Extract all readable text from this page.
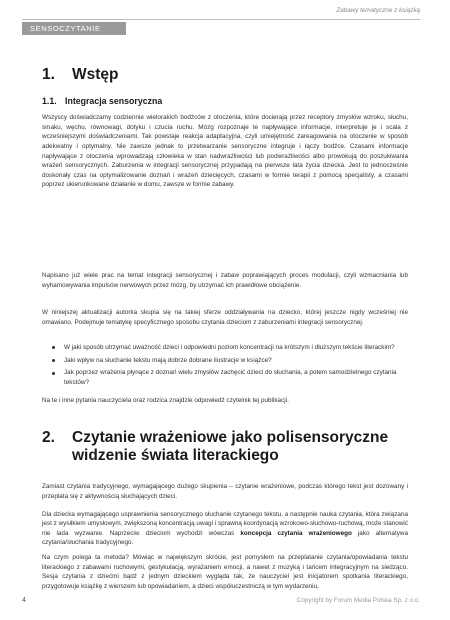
Zabawy tematyczne z książką
SENSOCZYTANIE
1. Wstęp
1.1. Integracja sensoryczna

Wszyscy doświadczamy codziennie wielorakich bodźców z otoczenia, które docierają przez receptory zmysłów wzroku, słuchu, smaku, węchu, równowagi, dotyku i czucia ruchu. Mózg rozpoznaje te napływające informacje, interpretuje je i scala z wcześniejszymi doświadczeniami. Tak powstaje reakcja adaptacyjna, czyli umiejętność zareagowania na otoczenie w sposób adekwatny i optymalny. Nie zawsze jednak to przetwarzanie sensoryczne integruje i łączy bodźce. Czasami informacje napływające z otoczenia wprowadzają człowieka w stan nadwrażliwości lub podwrażliwości albo prowokują do poszukiwania wrażeń sensorycznych. Zaburzenia w integracji sensorycznej przypadają na pierwsze lata życia dziecka. Jest to jednocześnie doskonały czas na optymalizowanie doznań i wrażeń dziecięcych, czasami w formie terapii z pomocą specjalisty, a czasami poprzez ukierunkowane działanie w domu, zawsze w formie zabawy.

Napisano już wiele prac na temat integracji sensorycznej i zabaw poprawiających proces modulacji, czyli wzmacniania lub wyhamowywania impulsów nerwowych przez mózg, by utrzymać ich prawidłowe obciążenie.

W niniejszej aktualizacji autorka skupia się na takiej sferze oddziaływania na dziecko, której jeszcze nigdy wcześniej nie omawiano. Podejmuje tematykę specyficznego sposobu czytania dzieciom z zaburzeniami integracji sensorycznej.

W jaki sposób utrzymać uważność dzieci i odpowiedni poziom koncentracji na krótszym i dłuższym tekście literackim?
Jaki wpływ na słuchanie tekstu mają dobrze dobrane ilustracje w książce?
Jak poprzez wrażenia płynące z doznań wielu zmysłów zachęcić dzieci do słuchania, a potem samodzielnego czytania tekstów?

Na te i inne pytania nauczyciela oraz rodzica znajdzie odpowiedź czytelnik tej publikacji.

2. Czytanie wrażeniowe jako polisensoryczne
widzenie świata literackiego

Zamiast czytania tradycyjnego, wymagającego dużego skupienia – czytanie wrażeniowe, podczas którego tekst jest dozowany i przeplata się z aktywnością słuchających dzieci.

Dla dziecka wymagającego usprawnienia sensorycznego słuchanie czytanego tekstu, a następnie nauka czytania, która związana jest z wysiłkiem umysłowym, zwiększoną koncentracją uwagi i sprawną koordynacją wzrokowo-słuchowo-ruchową, może stanowić nie lada wyzwanie. Naprzeciw dzieciom wychodzi wówczas koncepcja czytania wrażeniowego jako alternatywa czytania/słuchania tradycyjnego.

Na czym polega ta metoda? Mówiąc w największym skrócie, jest pomysłem na przeplatanie czytania/opowiadania tekstu literackiego z zabawami ruchowymi, gestykulacją, wyrażaniem emocji, a nawet z muzyką i tańcem integracyjnym na siedząco. Sesja czytania z dziećmi bądź z jednym dzieckiem wygląda tak, że nauczyciel jest inicjatorem spotkania literackiego, przygotowuje książkę z wierszem lub opowiadaniem, a dzieci współuczestniczą w tym wydarzeniu,

4	Copyright by Forum Media Polska Sp. z o.o.
